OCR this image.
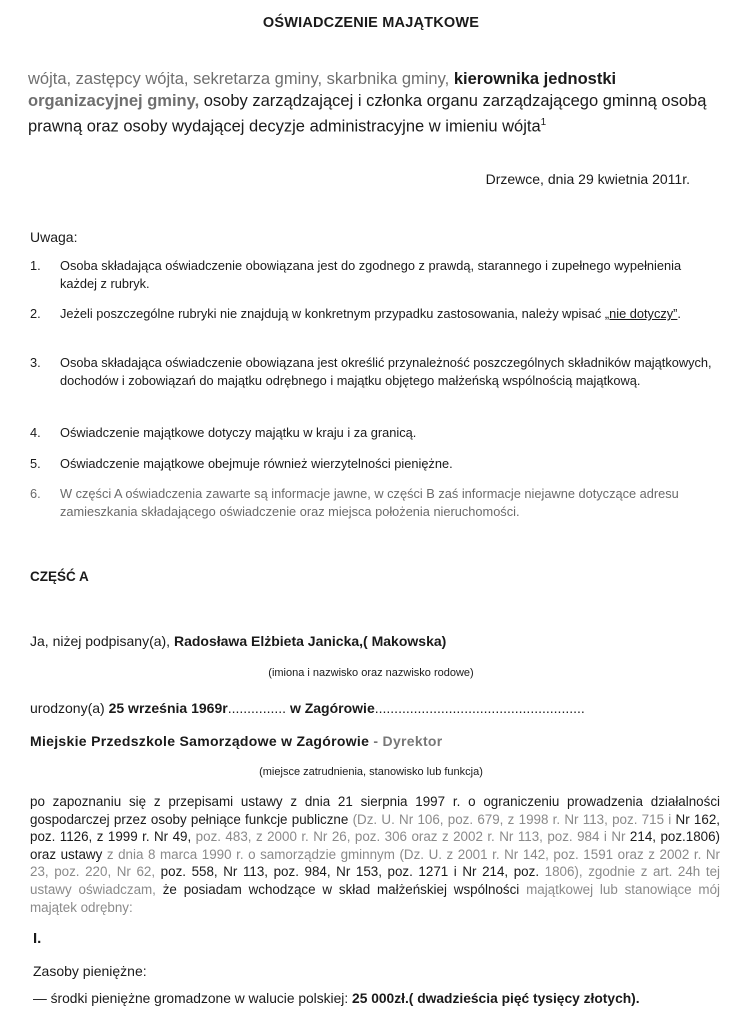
OŚWIADCZENIE MAJĄTKOWE
wójta, zastępcy wójta, sekretarza gminy, skarbnika gminy, kierownika jednostki organizacyjnej gminy, osoby zarządzającej i członka organu zarządzającego gminną osobą prawną oraz osoby wydającej decyzje administracyjne w imieniu wójta$^1$
Drzewce, dnia 29 kwietnia 2011r.
Uwaga:
1. Osoba składająca oświadczenie obowiązana jest do zgodnego z prawdą, starannego i zupełnego wypełnienia każdej z rubryk.
2. Jeżeli poszczególne rubryki nie znajdują w konkretnym przypadku zastosowania, należy wpisać „nie dotyczy”.
3. Osoba składająca oświadczenie obowiązana jest określić przynależność poszczególnych składników majątkowych, dochodów i zobowiązań do majątku odrębnego i majątku objętego małżeńską wspólnością majątkową.
4. Oświadczenie majątkowe dotyczy majątku w kraju i za granicą.
5. Oświadczenie majątkowe obejmuje również wierzytelności pieniężne.
6. W części A oświadczenia zawarte są informacje jawne, w części B zaś informacje niejawne dotyczące adresu zamieszkania składającego oświadczenie oraz miejsca położenia nieruchomości.
CZĘŚĆ A
Ja, niżej podpisany(a), Radosława Elżbieta Janicka,( Makowska)
(imiona i nazwisko oraz nazwisko rodowe)
urodzony(a) 25 września 1969r............... w Zagórowie......................................................
Miejskie Przedszkole Samorządowe w Zagórowie - Dyrektor
(miejsce zatrudnienia, stanowisko lub funkcja)
po zapoznaniu się z przepisami ustawy z dnia 21 sierpnia 1997 r. o ograniczeniu prowadzenia działalności gospodarczej przez osoby pełniące funkcje publiczne (Dz. U. Nr 106, poz. 679, z 1998 r. Nr 113, poz. 715 i Nr 162, poz. 1126, z 1999 r. Nr 49, poz. 483, z 2000 r. Nr 26, poz. 306 oraz z 2002 r. Nr 113, poz. 984 i Nr 214, poz.1806) oraz ustawy z dnia 8 marca 1990 r. o samorządzie gminnym (Dz. U. z 2001 r. Nr 142, poz. 1591 oraz z 2002 r. Nr 23, poz. 220, Nr 62, poz. 558, Nr 113, poz. 984, Nr 153, poz. 1271 i Nr 214, poz. 1806), zgodnie z art. 24h tej ustawy oświadczam, że posiadam wchodzące w skład małżeńskiej wspólności majątkowej lub stanowiące mój majątek odrębny:
I.
Zasoby pieniężne:
— środki pieniężne gromadzone w walucie polskiej: 25 000zł.( dwadzieścia pięć tysięcy złotych).
